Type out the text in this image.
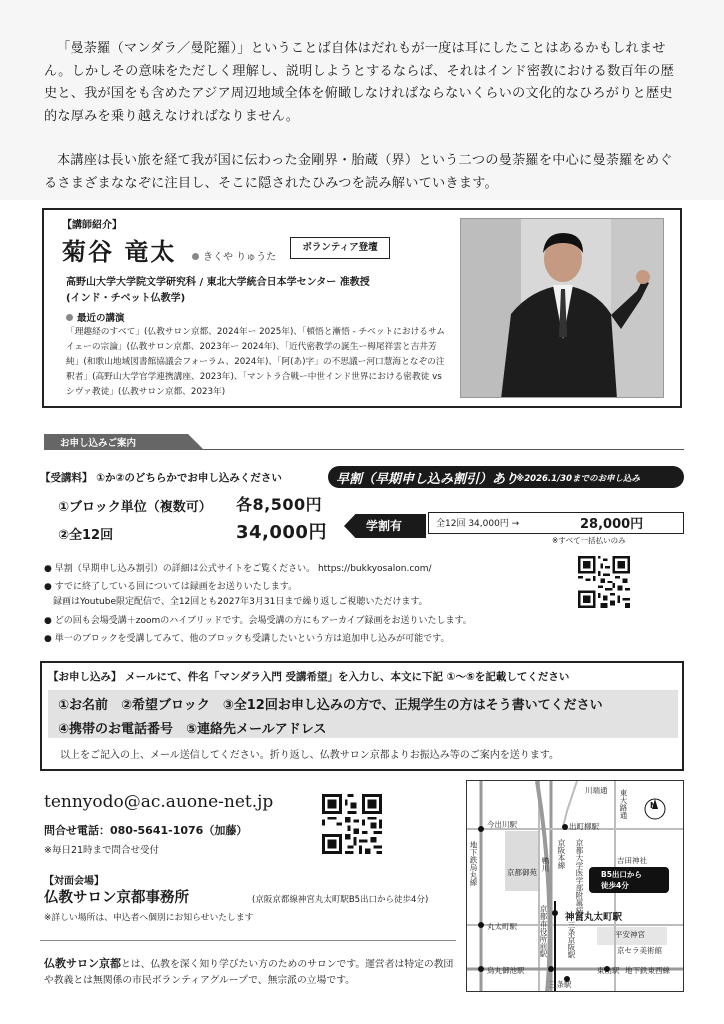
「曼荼羅（マンダラ／曼陀羅）」ということば自体はだれもが一度は耳にしたことはあるかもしれません。しかしその意味をただしく理解し、説明しようとするならば、それはインド密教における数百年の歴史と、我が国をも含めたアジア周辺地域全体を俯瞰しなければならないくらいの文化的なひろがりと歴史的な厚みを乗り越えなければなりません。

本講座は長い旅を経て我が国に伝わった金剛界・胎蔵（界）という二つの曼荼羅を中心に曼荼羅をめぐるさまざまななぞに注目し、そこに隠されたひみつを読み解いていきます。

【講師紹介】
菊谷 竜太	きくや りゅうた
ボランティア登壇
高野山大学大学院文学研究科 / 東北大学統合日本学センター 准教授
(インド・チベット仏教学)
最近の講演
「理趣経のすべて」(仏教サロン京都、2024年ー 2025年)、「頓悟と漸悟 - チベットにおけるサムイェーの宗論」(仏教サロン京都、2023年ー 2024年)、「近代密教学の誕生ー栂尾祥雲と吉井芳純」(和歌山地域図書館協議会フォーラム、2024年)、「阿(あ)字」の不思議ー河口慧海となぞの注釈者」(高野山大学官学連携講座、2023年)、「マントラ合戦ー中世インド世界における密教徒 vs シヴァ教徒」(仏教サロン京都、2023年)
お申し込みご案内
【受講料】 ①か②のどちらかでお申し込みください	早割（早期申し込み割引）あり
※2026.1/30までのお申し込み
①ブロック単位（複数可） 各8,500円
②全12回	34,000円	学割有	全12回 34,000円 →	28,000円
※すべて一括払いのみ
● 早割（早期申し込み割引）の詳細は公式サイトをご覧ください。 https://bukkyosalon.com/
● すでに終了している回については録画をお送りいたします。
　録画はYoutube限定配信で、全12回とも2027年3月31日まで繰り返しご視聴いただけます。
● どの回も会場受講＋zoomのハイブリッドです。会場受講の方にもアーカイブ録画をお送りいたします。
● 単一のブロックを受講してみて、他のブロックも受講したいという方は追加申し込みが可能です。
【お申し込み】 メールにて、件名「マンダラ入門 受講希望」を入力し、本文に下記 ①～⑤を記載してください
①お名前　②希望ブロック　③全12回お申し込みの方で、正規学生の方はそう書いてください
④携帯のお電話番号　⑤連絡先メールアドレス
以上をご記入の上、メール送信してください。折り返し、仏教サロン京都よりお振込み等のご案内を送ります。
tennyodo@ac.auone-net.jp
問合せ電話：080-5641-1076（加藤）
※毎日21時まで問合せ受付
【対面会場】
仏教サロン京都事務所	(京阪京都線神宮丸太町駅B5出口から徒歩4分)
※詳しい場所は、申込者へ個別にお知らせいたします
仏教サロン京都とは、仏教を深く知り学びたい方のためのサロンです。運営者は特定の教団や教義とは無関係の市民ボランティアグループで、無宗派の立場です。
今出川駅	出町柳駅
川端通 東大路通	N
地下鉄烏丸線	京都御苑
鴨川	京都大学医学部附属病院
京阪本線	吉田神社
B5出口から
徒歩4分
神宮丸太町駅
丸太町駅	京都市役所前駅	三条京阪駅	平安神宮
京セラ美術館
烏丸御池駅
三条駅
東山駅 地下鉄東西線
